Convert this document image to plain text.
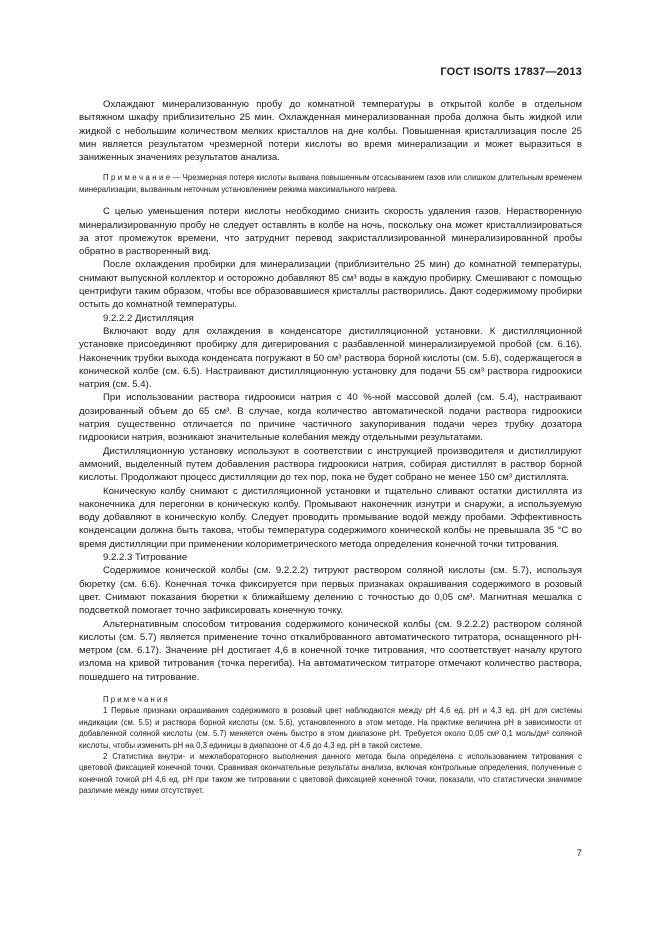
ГОСТ ISO/TS 17837—2013

Охлаждают минерализованную пробу до комнатной температуры в открытой колбе в отдельном вытяжном шкафу приблизительно 25 мин. Охлажденная минерализованная проба должна быть жидкой или жидкой с небольшим количеством мелких кристаллов на дне колбы. Повышенная кристаллизация после 25 мин является результатом чрезмерной потери кислоты во время минерализации и может выразиться в заниженных значениях результатов анализа.

П р и м е ч а н и е — Чрезмерная потеря кислоты вызвана повышенным отсасыванием газов или слишком длительным временем минерализации, вызванным неточным установлением режима максимального нагрева.

С целью уменьшения потери кислоты необходимо снизить скорость удаления газов. Нерастворенную минерализированную пробу не следует оставлять в колбе на ночь, поскольку она может кристаллизироваться за этот промежуток времени, что затруднит перевод закристаллизированной минерализированной пробы обратно в растворенный вид.

После охлаждения пробирки для минерализации (приблизительно 25 мин) до комнатной температуры, снимают выпускной коллектор и осторожно добавляют 85 см³ воды в каждую пробирку. Смешивают с помощью центрифуги таким образом, чтобы все образовавшиеся кристаллы растворились. Дают содержимому пробирки остыть до комнатной температуры.

9.2.2.2 Дистилляция

Включают воду для охлаждения в конденсаторе дистилляционной установки. К дистилляционной установке присоединяют пробирку для дигерирования с разбавленной минерализируемой пробой (см. 6.16). Наконечник трубки выхода конденсата погружают в 50 см³ раствора борной кислоты (см. 5.6), содержащегося в конической колбе (см. 6.5). Настраивают дистилляционную установку для подачи 55 см³ раствора гидроокиси натрия (см. 5.4).

При использовании раствора гидроокиси натрия с 40 %-ной массовой долей (см. 5.4), настраивают дозированный объем до 65 см³. В случае, когда количество автоматической подачи раствора гидроокиси натрия существенно отличается по причине частичного закупоривания подачи через трубку дозатора гидроокиси натрия, возникают значительные колебания между отдельными результатами.

Дистилляционную установку используют в соответствии с инструкцией производителя и дистиллируют аммоний, выделенный путем добавления раствора гидроокиси натрия, собирая дистиллят в раствор борной кислоты. Продолжают процесс дистилляции до тех пор, пока не будет собрано не менее 150 см³ дистиллята.

Коническую колбу снимают с дистилляционной установки и тщательно сливают остатки дистиллята из наконечника для перегонки в коническую колбу. Промывают наконечник изнутри и снаружи, а используемую воду добавляют в коническую колбу. Следует проводить промывание водой между пробами. Эффективность конденсации должна быть такова, чтобы температура содержимого конической колбы не превышала 35 °С во время дистилляции при применении колориметрического метода определения конечной точки титрования.

9.2.2.3 Титрование

Содержимое конической колбы (см. 9.2.2.2) титруют раствором соляной кислоты (см. 5.7), используя бюретку (см. 6.6). Конечная точка фиксируется при первых признаках окрашивания содержимого в розовый цвет. Снимают показания бюретки к ближайшему делению с точностью до 0,05 см³. Магнитная мешалка с подсветкой помогает точно зафиксировать конечную точку.

Альтернативным способом титрования содержимого конической колбы (см. 9.2.2.2) раствором соляной кислоты (см. 5.7) является применение точно откалиброванного автоматического титратора, оснащенного рН-метром (см. 6.17). Значение рН достигает 4,6 в конечной точке титрования, что соответствует началу крутого излома на кривой титрования (точка перегиба). На автоматическом титраторе отмечают количество раствора, пошедшего на титрование.

П р и м е ч а н и я

1 Первые признаки окрашивания содержимого в розовый цвет наблюдаются между рН 4,6 ед. рН и 4,3 ед. рН для системы индикации (см. 5.5) и раствора борной кислоты (см. 5.6), установленного в этом методе. На практике величина рН в зависимости от добавленной соляной кислоты (см. 5.7) меняется очень быстро в этом диапазоне рН. Требуется около 0,05 см³ 0,1 моль/дм³ соляной кислоты, чтобы изменить рН на 0,3 единицы в диапазоне от 4,6 до 4,3 ед. рН в такой системе.

2 Статистика внутри- и межлабораторного выполнения данного метода была определена с использованием титрования с цветовой фиксацией конечной точки. Сравнивая окончательные результаты анализа, включая контрольные определения, полученные с конечной точкой рН 4,6 ед. рН при таком же титровании с цветовой фиксацией конечной точки, показали, что статистически значимое различие между ними отсутствует.

7
